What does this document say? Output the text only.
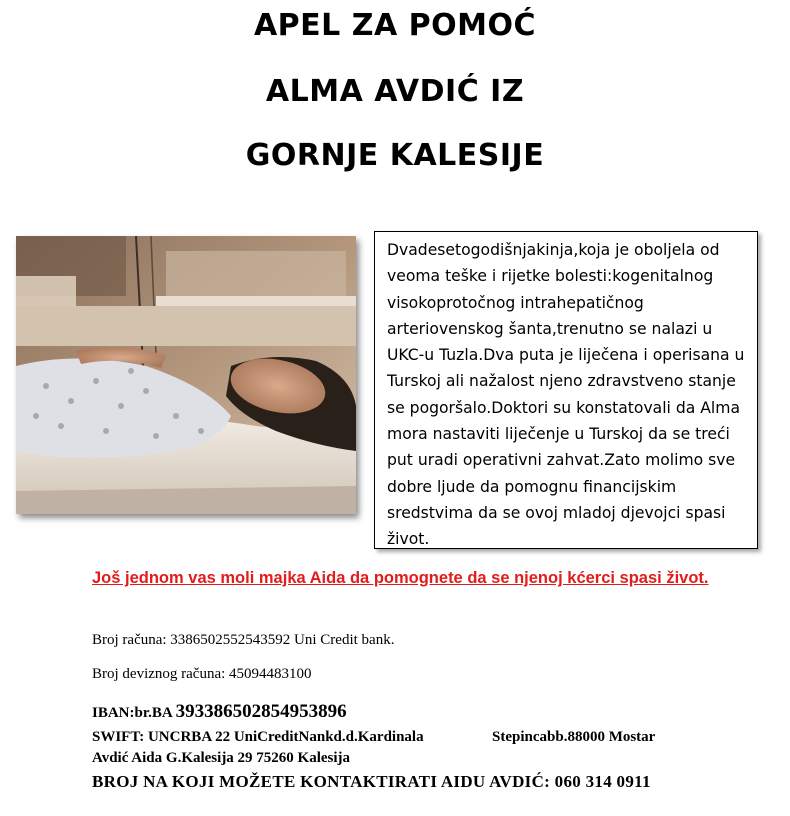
APEL ZA POMOĆ
ALMA AVDIĆ IZ
GORNJE KALESIJE

Dvadesetogodišnjakinja,koja je oboljela od veoma teške i rijetke bolesti:kogenitalnog visokoprotočnog intrahepatičnog arteriovenskog šanta,trenutno se nalazi u UKC-u Tuzla.Dva puta je liječena i operisana u Turskoj ali nažalost njeno zdravstveno stanje se pogoršalo.Doktori su konstatovali da Alma mora nastaviti liječenje u Turskoj da se treći put uradi operativni zahvat.Zato molimo sve dobre ljude da pomognu financijskim sredstvima da se ovoj mladoj djevojci spasi život.

Još jednom vas moli majka Aida da pomognete da se njenoj kćerci spasi život.
Broj računa: 3386502552543592 Uni Credit bank.
Broj deviznog računa: 45094483100
IBAN:br.BA 393386502854953896
SWIFT: UNCRBA 22 UniCreditNankd.d.Kardinala	Stepincabb.88000 Mostar
Avdić Aida G.Kalesija 29 75260 Kalesija
BROJ NA KOJI MOŽETE KONTAKTIRATI AIDU AVDIĆ: 060 314 0911
